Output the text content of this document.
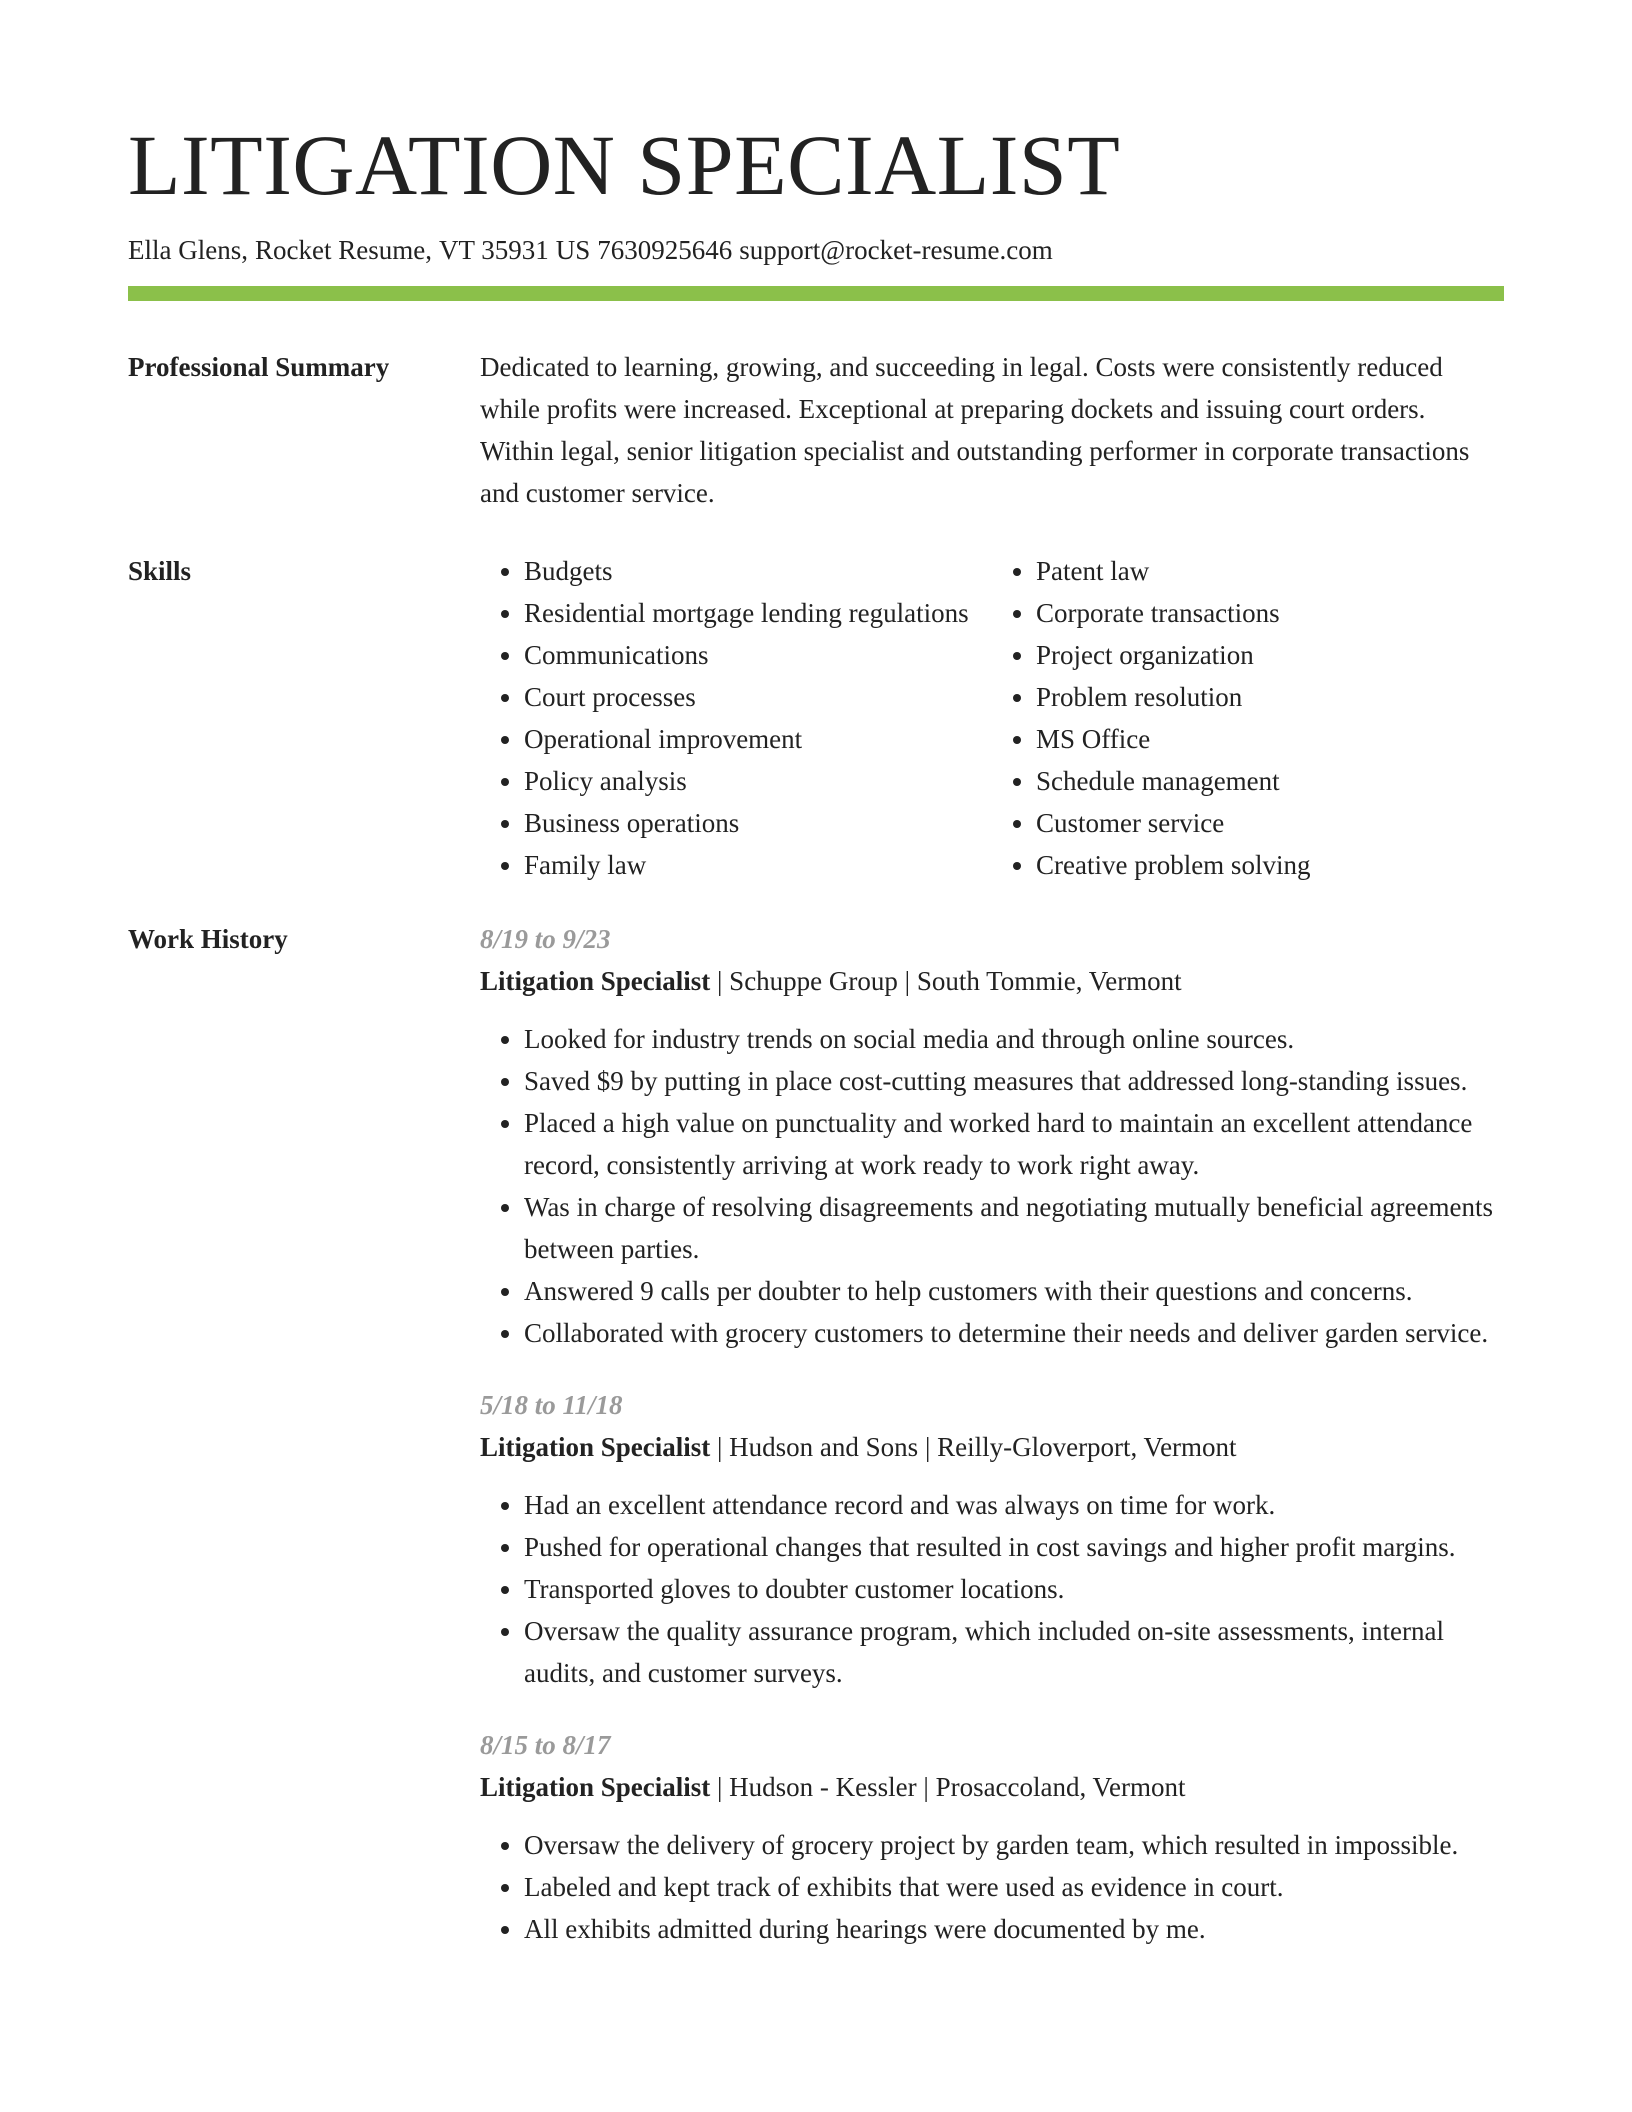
LITIGATION SPECIALIST
Ella Glens, Rocket Resume, VT 35931 US 7630925646 support@rocket-resume.com
Professional Summary	Dedicated to learning, growing, and succeeding in legal. Costs were consistently reduced while profits were increased. Exceptional at preparing dockets and issuing court orders. Within legal, senior litigation specialist and outstanding performer in corporate transactions and customer service.

Skills
•	Budgets
• Residential mortgage lending regulations
• Communications
• Court processes
• Operational improvement
• Policy analysis
• Business operations
• Family law
• Patent law
• Corporate transactions
• Project organization
• Problem resolution
• MS Office
• Schedule management
• Customer service
• Creative problem solving
Work History	8/19 to 9/23
Litigation Specialist | Schuppe Group | South Tommie, Vermont
• Looked for industry trends on social media and through online sources.
• Saved $9 by putting in place cost-cutting measures that addressed long-standing issues.
• Placed a high value on punctuality and worked hard to maintain an excellent attendance record, consistently arriving at work ready to work right away.
• Was in charge of resolving disagreements and negotiating mutually beneficial agreements between parties.
• Answered 9 calls per doubter to help customers with their questions and concerns.
• Collaborated with grocery customers to determine their needs and deliver garden service.
5/18 to 11/18
Litigation Specialist | Hudson and Sons | Reilly-Gloverport, Vermont
• Had an excellent attendance record and was always on time for work.
• Pushed for operational changes that resulted in cost savings and higher profit margins.
• Transported gloves to doubter customer locations.
• Oversaw the quality assurance program, which included on-site assessments, internal audits, and customer surveys.
8/15 to 8/17
Litigation Specialist | Hudson - Kessler | Prosaccoland, Vermont
• Oversaw the delivery of grocery project by garden team, which resulted in impossible.
• Labeled and kept track of exhibits that were used as evidence in court.
• All exhibits admitted during hearings were documented by me.
